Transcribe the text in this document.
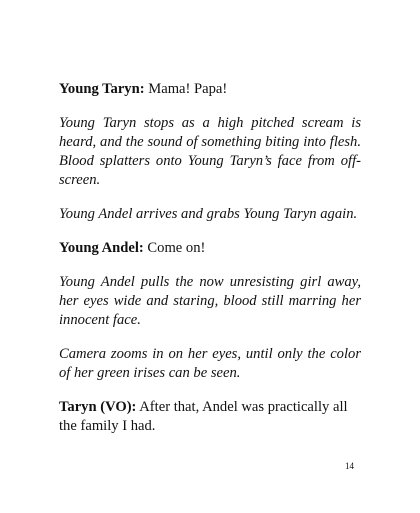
Young Taryn: Mama! Papa!

Young Taryn stops as a high pitched scream is heard, and the sound of something biting into flesh. Blood splatters onto Young Taryn’s face from off-screen.

Young Andel arrives and grabs Young Taryn again.

Young Andel: Come on!

Young Andel pulls the now unresisting girl away, her eyes wide and staring, blood still marring her innocent face.

Camera zooms in on her eyes, until only the color of her green irises can be seen.

Taryn (VO): After that, Andel was practically all the family I had.

14
